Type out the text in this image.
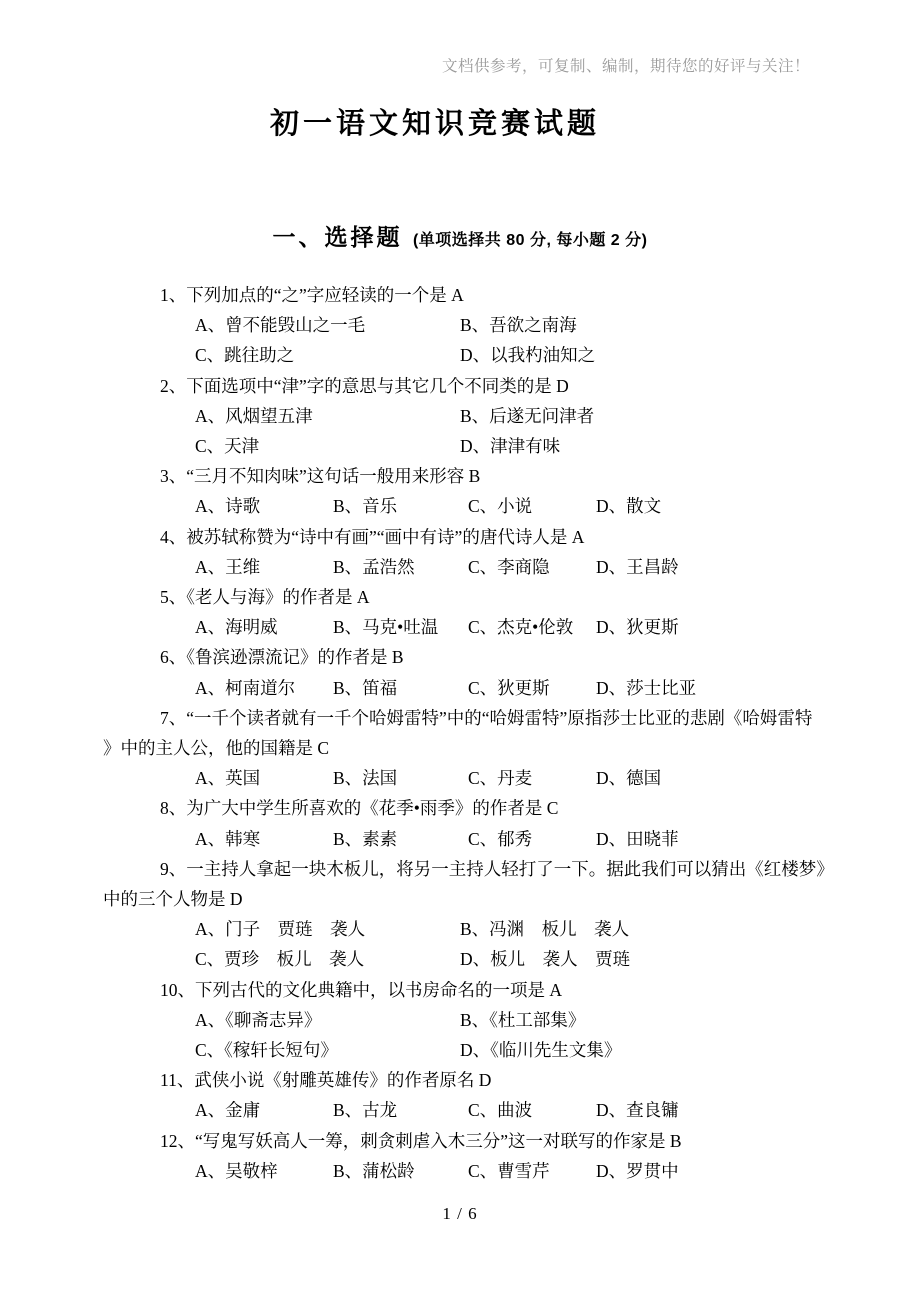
文档供参考，可复制、编制，期待您的好评与关注！
初一语文知识竞赛试题
一、选择题 (单项选择共 80 分, 每小题 2 分)
1、下列加点的“之”字应轻读的一个是 A
A、曾不能毁山之一毛	B、吾欲之南海
C、跳往助之	D、以我杓油知之
2、下面选项中“津”字的意思与其它几个不同类的是 D
A、风烟望五津	B、后遂无问津者
C、天津	D、津津有味
3、“三月不知肉味”这句话一般用来形容 B
A、诗歌	B、音乐	C、小说	D、散文
4、被苏轼称赞为“诗中有画”“画中有诗”的唐代诗人是 A
A、王维	B、孟浩然	C、李商隐	D、王昌龄
5、《老人与海》的作者是 A
A、海明威	B、马克•吐温	C、杰克•伦敦	D、狄更斯
6、《鲁滨逊漂流记》的作者是 B
A、柯南道尔	B、笛福	C、狄更斯	D、莎士比亚
7、“一千个读者就有一千个哈姆雷特”中的“哈姆雷特”原指莎士比亚的悲剧《哈姆雷特
》中的主人公，他的国籍是 C
A、英国	B、法国	C、丹麦	D、德国
8、为广大中学生所喜欢的《花季•雨季》的作者是 C
A、韩寒	B、素素	C、郁秀	D、田晓菲
9、一主持人拿起一块木板儿，将另一主持人轻打了一下。据此我们可以猜出《红楼梦》
中的三个人物是 D
A、门子　贾琏　袭人	B、冯渊　板儿　袭人
C、贾珍　板儿　袭人	D、板儿　袭人　贾琏
10、下列古代的文化典籍中，以书房命名的一项是 A
A、《聊斋志异》	B、《杜工部集》
C、《稼轩长短句》	D、《临川先生文集》
11、武侠小说《射雕英雄传》的作者原名 D
A、金庸	B、古龙	C、曲波	D、查良镛
12、“写鬼写妖高人一筹，刺贪刺虐入木三分”这一对联写的作家是 B
A、吴敬梓	B、蒲松龄	C、曹雪芹	D、罗贯中
1 / 6
